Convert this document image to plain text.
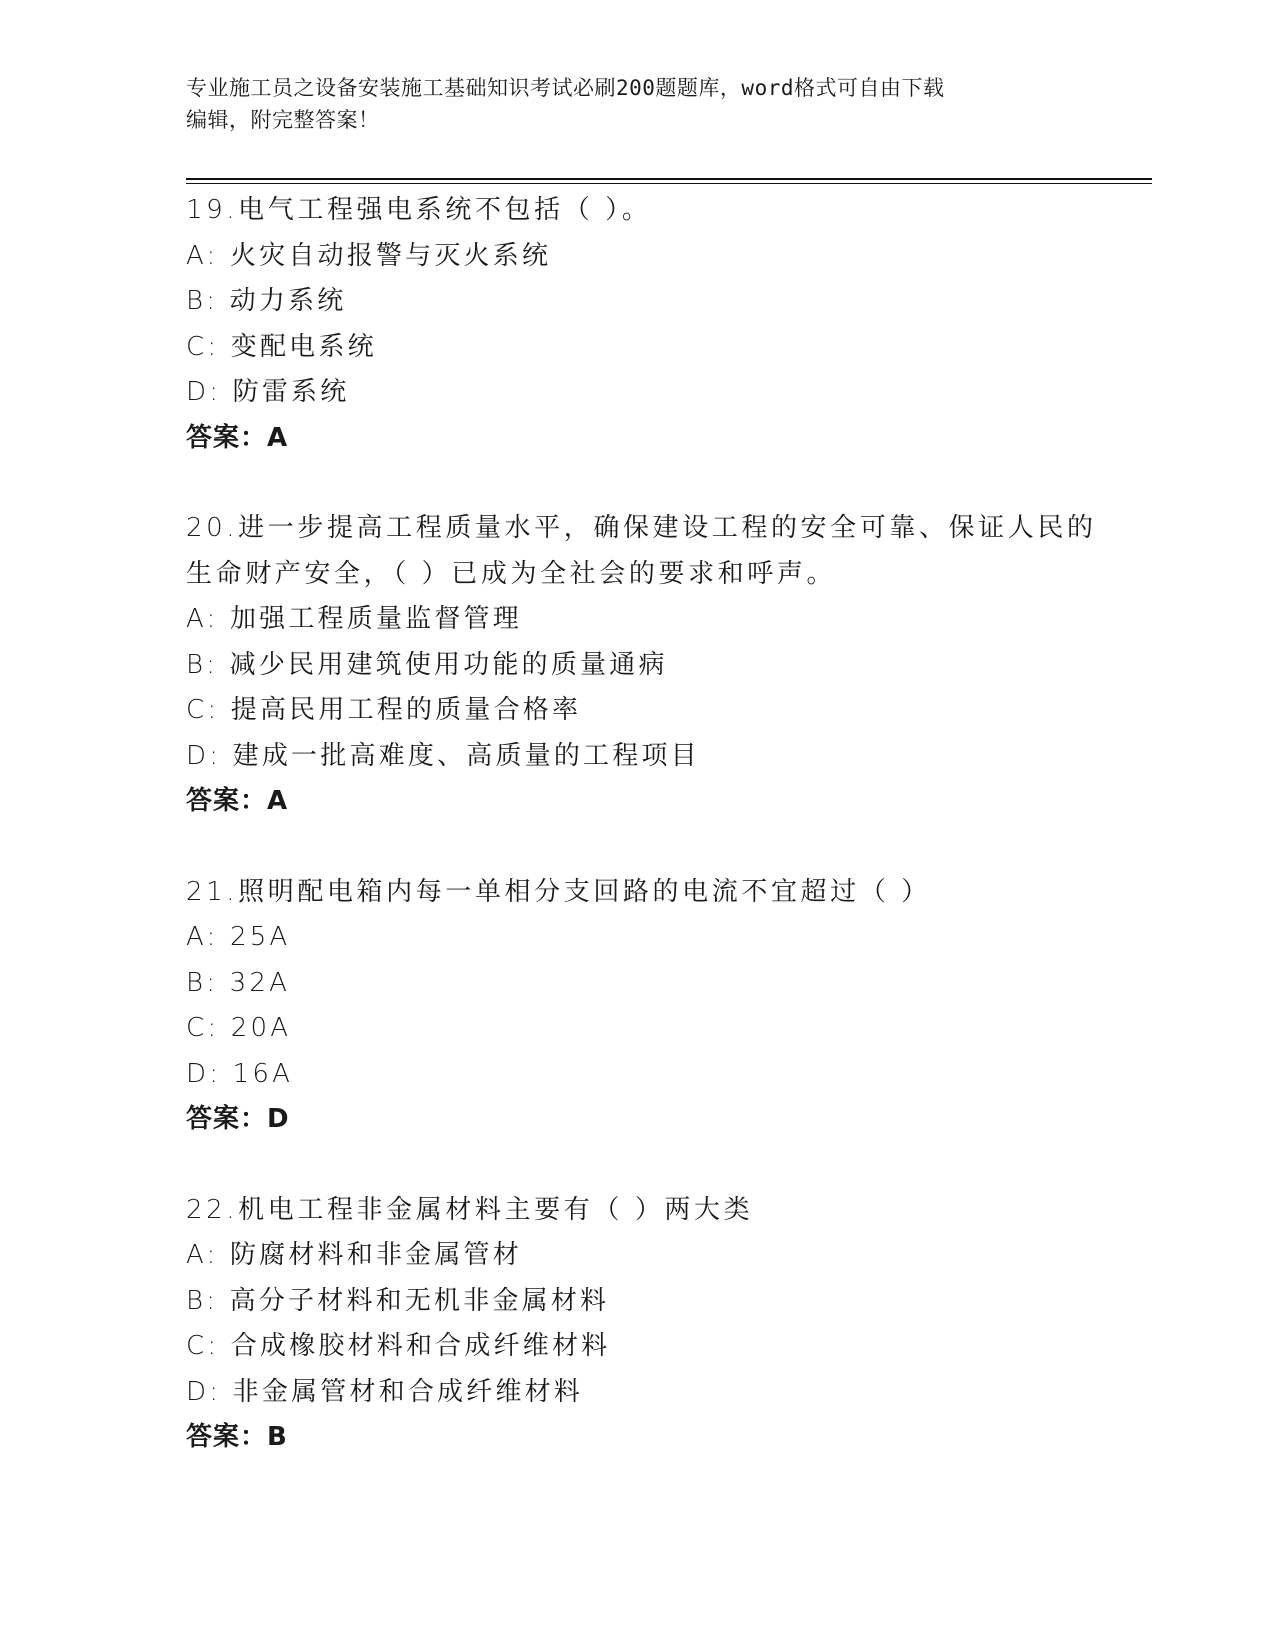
专业施工员之设备安装施工基础知识考试必刷200题题库，word格式可自由下载
编辑，附完整答案！
19.电气工程强电系统不包括（ ）。
A: 火灾自动报警与灭火系统
B: 动力系统
C: 变配电系统
D: 防雷系统
答案：A
20.进一步提高工程质量水平，确保建设工程的安全可靠、保证人民的
生命财产安全，（ ）已成为全社会的要求和呼声。
A: 加强工程质量监督管理
B: 减少民用建筑使用功能的质量通病
C: 提高民用工程的质量合格率
D: 建成一批高难度、高质量的工程项目
答案：A
21.照明配电箱内每一单相分支回路的电流不宜超过（ ）
A: 25A
B: 32A
C: 20A
D: 16A
答案：D
22.机电工程非金属材料主要有（ ）两大类
A: 防腐材料和非金属管材
B: 高分子材料和无机非金属材料
C: 合成橡胶材料和合成纤维材料
D: 非金属管材和合成纤维材料
答案：B
